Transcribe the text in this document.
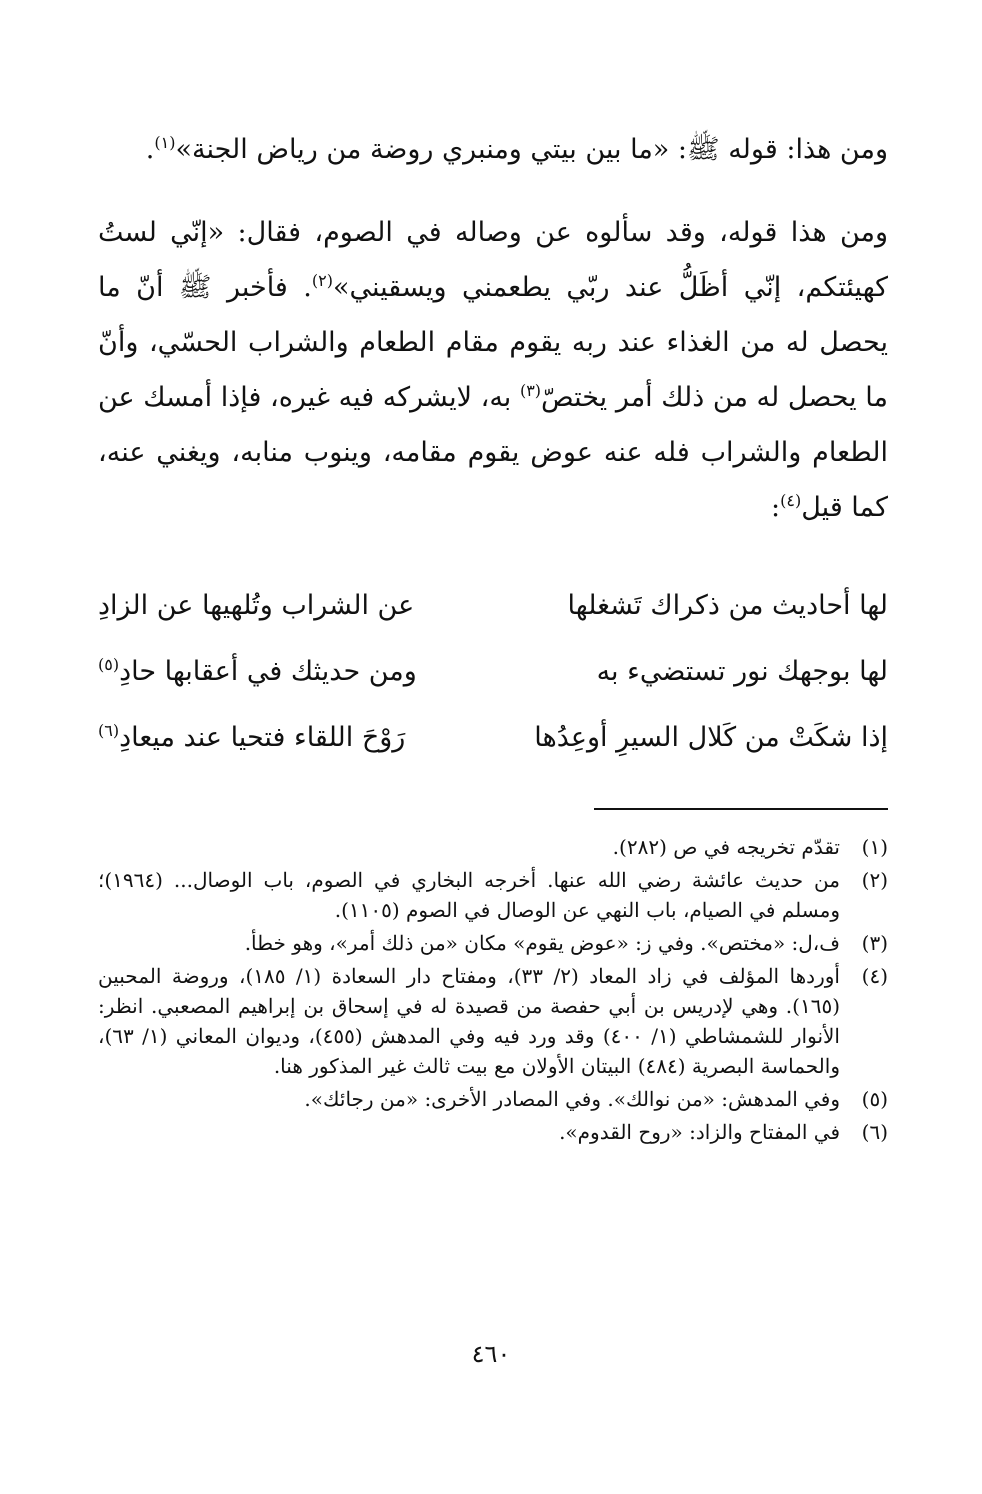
ومن هذا: قوله ﷺ: «ما بين بيتي ومنبري روضة من رياض الجنة»$^{(١)}$.

ومن هذا قوله، وقد سألوه عن وصاله في الصوم، فقال: «إنّي لستُ كهيئتكم، إنّي أظَلُّ عند ربّي يطعمني ويسقيني»$^{(٢)}$. فأخبر ﷺ أنّ ما يحصل له من الغذاء عند ربه يقوم مقام الطعام والشراب الحسّي، وأنّ ما يحصل له من ذلك أمر يختصّ$^{(٣)}$ به، لايشركه فيه غيره، فإذا أمسك عن الطعام والشراب فله عنه عوض يقوم مقامه، وينوب منابه، ويغني عنه، كما قيل$^{(٤)}$:

لها أحاديث من ذكراك تَشغلها
عن الشراب وتُلهيها عن الزادِ
لها بوجهك نور تستضيء به
ومن حديثك في أعقابها حادِ$^{(٥)}$
إذا شكَتْ من كَلال السيرِ أوعِدُها
رَوْحَ اللقاء فتحيا عند ميعادِ$^{(٦)}$
(١)
تقدّم تخريجه في ص (٢٨٢).
(٢)
من حديث عائشة رضي الله عنها. أخرجه البخاري في الصوم، باب الوصال... (١٩٦٤)؛ ومسلم في الصيام، باب النهي عن الوصال في الصوم (١١٠٥).
(٣)
ف،ل: «مختص». وفي ز: «عوض يقوم» مكان «من ذلك أمر»، وهو خطأ.
(٤)
أوردها المؤلف في زاد المعاد (٢/ ٣٣)، ومفتاح دار السعادة (١/ ١٨٥)، وروضة المحبين (١٦٥). وهي لإدريس بن أبي حفصة من قصيدة له في إسحاق بن إبراهيم المصعبي. انظر: الأنوار للشمشاطي (١/ ٤٠٠) وقد ورد فيه وفي المدهش (٤٥٥)، وديوان المعاني (١/ ٦٣)، والحماسة البصرية (٤٨٤) البيتان الأولان مع بيت ثالث غير المذكور هنا.
(٥)
وفي المدهش: «من نوالك». وفي المصادر الأخرى: «من رجائك».
(٦)
في المفتاح والزاد: «روح القدوم».
٤٦٠
